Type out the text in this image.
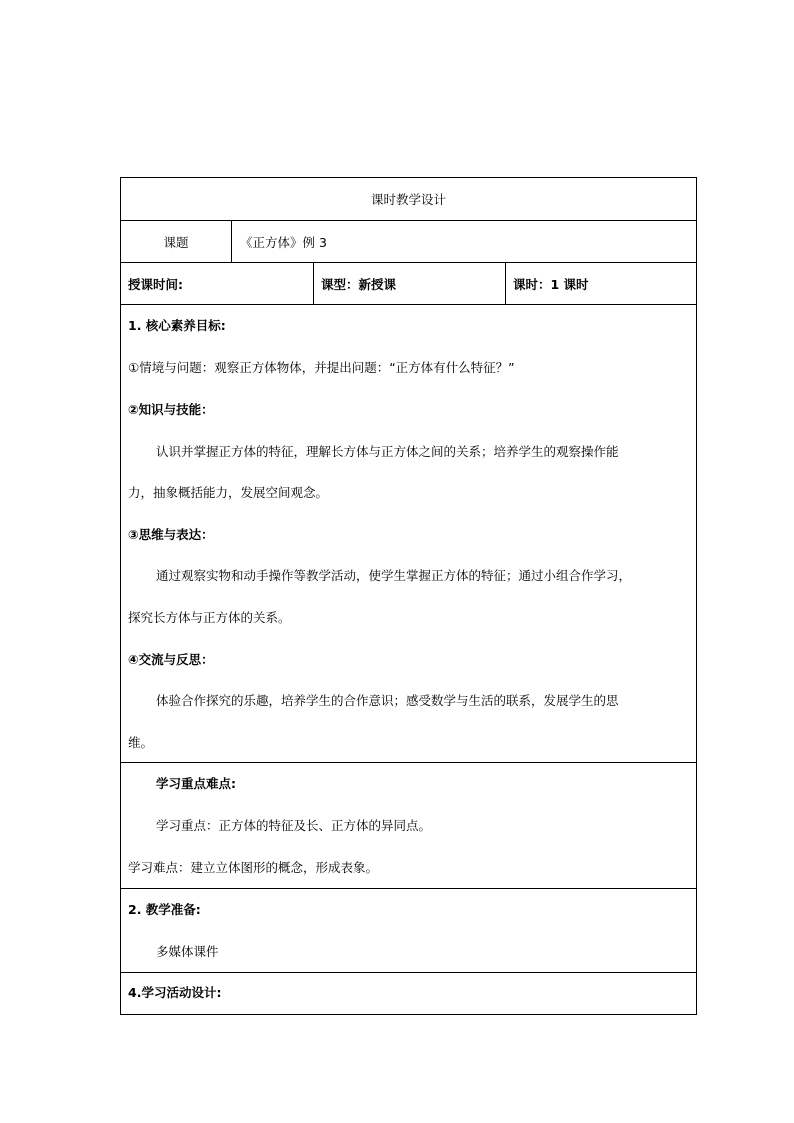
课时教学设计
课题	《正方体》例 3
授课时间:	课型：新授课	课时：1 课时
1. 核心素养目标:
①情境与问题：观察正方体物体，并提出问题：“正方体有什么特征？”
②知识与技能：
认识并掌握正方体的特征，理解长方体与正方体之间的关系；培养学生的观察操作能
力，抽象概括能力，发展空间观念。
③思维与表达：
通过观察实物和动手操作等教学活动，使学生掌握正方体的特征；通过小组合作学习，
探究长方体与正方体的关系。
④交流与反思：
体验合作探究的乐趣，培养学生的合作意识；感受数学与生活的联系，发展学生的思
维。
学习重点难点:
学习重点：正方体的特征及长、正方体的异同点。
学习难点：建立立体图形的概念，形成表象。
2. 教学准备:
多媒体课件
4.学习活动设计:
